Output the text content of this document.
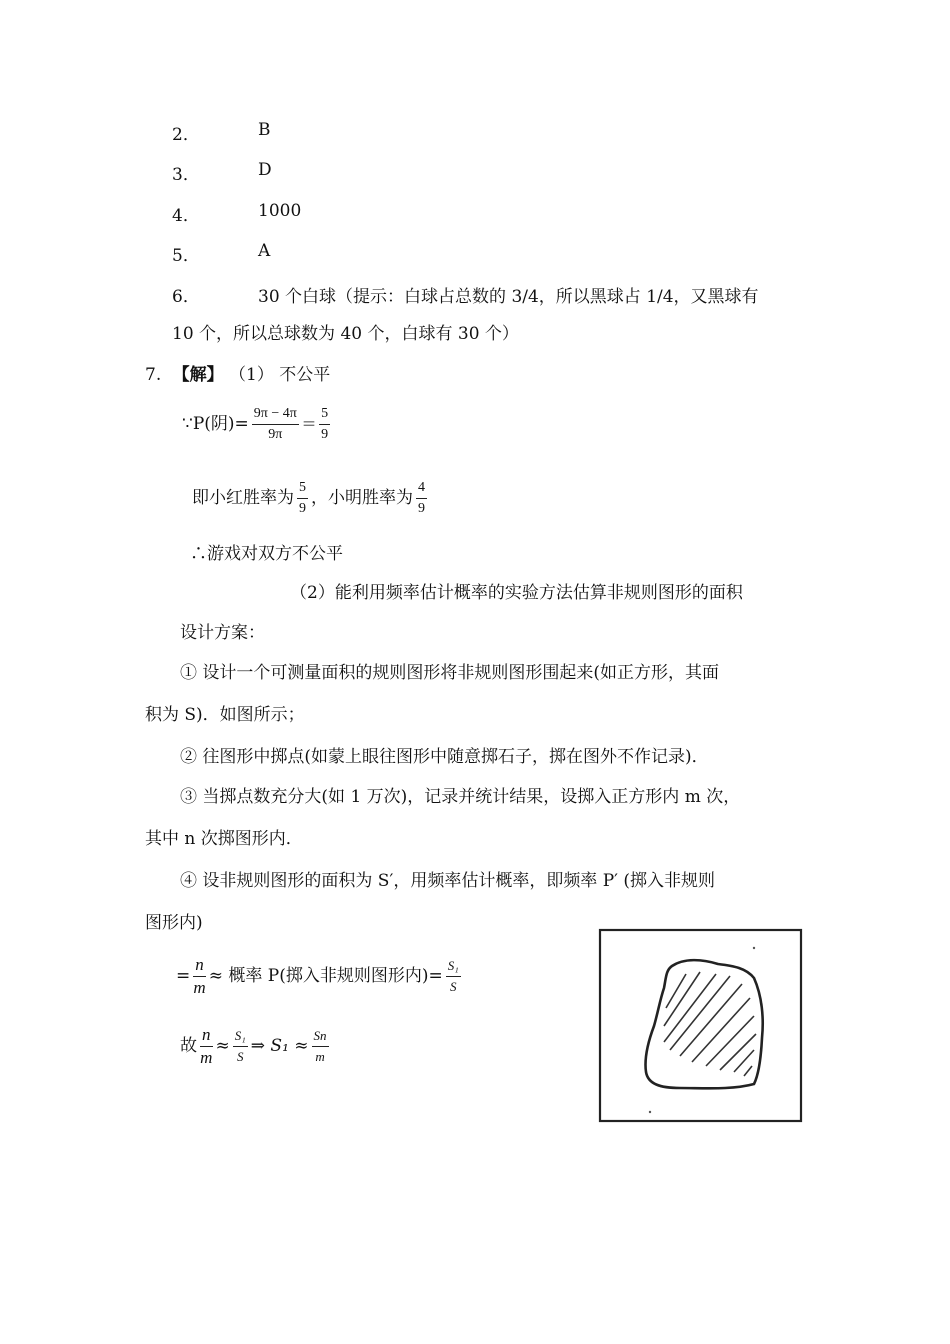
2．	B
3．	D
4．	1000
5．	A
6．	30 个白球（提示：白球占总数的 3/4，所以黑球占 1/4，又黑球有
10 个，所以总球数为 40 个，白球有 30 个）
7. 【解】 （1） 不公平
∵P(阴)= $\frac{9\pi - 4\pi}{9\pi} = \frac{5}{9}$
即小红胜率为 $\frac{5}{9}$ ，小明胜率为 $\frac{4}{9}$
∴游戏对双方不公平
（2）能利用频率估计概率的实验方法估算非规则图形的面积
设计方案：
① 设计一个可测量面积的规则图形将非规则图形围起来(如正方形，其面
积为 S)．如图所示；
② 往图形中掷点(如蒙上眼往图形中随意掷石子，掷在图外不作记录)．
③ 当掷点数充分大(如 1 万次)，记录并统计结果，设掷入正方形内 m 次，
其中 n 次掷图形内．
④ 设非规则图形的面积为 S′，用频率估计概率，即频率 P′ (掷入非规则
图形内)
= $\frac{n}{m}$ ≈ 概率 P(掷入非规则图形内)= $\frac{\text{S₁}}{S}$
故 $\frac{n}{m} \approx \frac{\text{S₁}}{S}$ ⇒ $S_1 \approx \frac{Sn}{m}$
